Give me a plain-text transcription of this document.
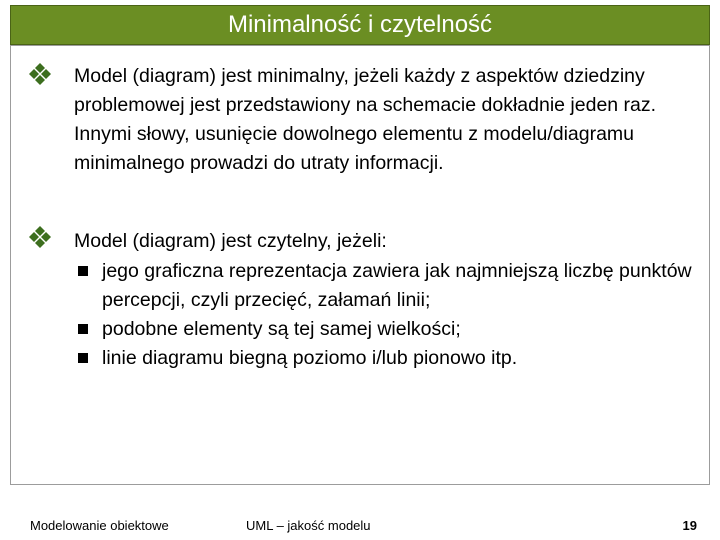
Minimalność i czytelność
Model (diagram) jest minimalny, jeżeli każdy z aspektów dziedziny problemowej jest przedstawiony na schemacie dokładnie jeden raz. Innymi słowy, usunięcie dowolnego elementu z modelu/diagramu minimalnego prowadzi do utraty informacji.
Model (diagram) jest czytelny, jeżeli:
jego graficzna reprezentacja zawiera jak najmniejszą liczbę punktów percepcji, czyli przecięć, załamań linii;
podobne elementy są tej samej wielkości;
linie diagramu biegną poziomo i/lub pionowo itp.
Modelowanie obiektowe	UML – jakość modelu	19
